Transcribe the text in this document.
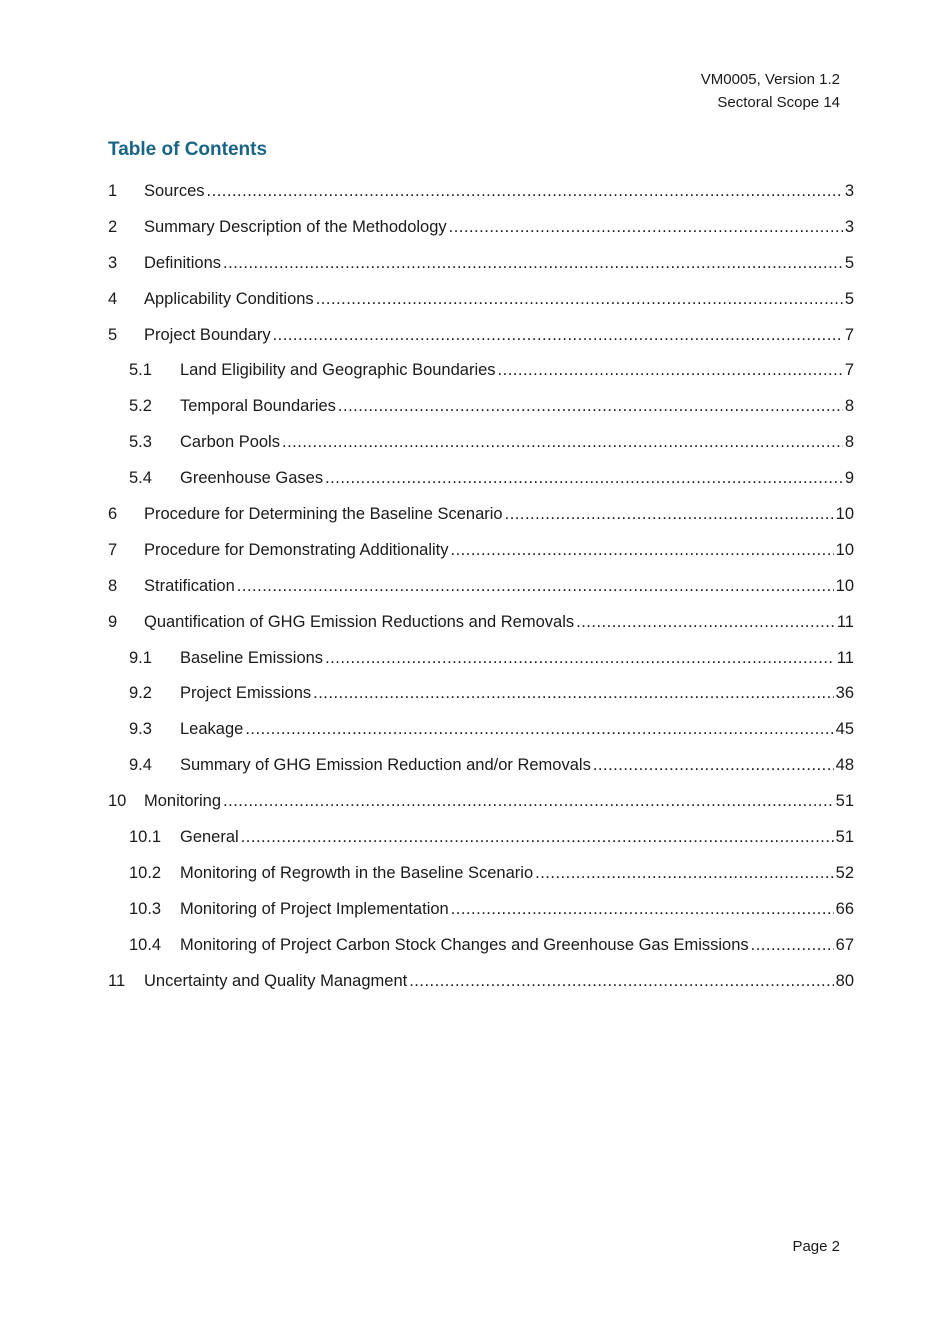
VM0005, Version 1.2
Sectoral Scope 14
Table of Contents
1	Sources .....	3
2	Summary Description of the Methodology .....	3
3	Definitions .....	5
4	Applicability Conditions .....	5
5	Project Boundary .....	7
5.1	Land Eligibility and Geographic Boundaries .....	7
5.2	Temporal Boundaries .....	8
5.3	Carbon Pools .....	8
5.4	Greenhouse Gases .....	9
6	Procedure for Determining the Baseline Scenario .....	10
7	Procedure for Demonstrating Additionality .....	10
8	Stratification .....	10
9	Quantification of GHG Emission Reductions and Removals .....	11
9.1	Baseline Emissions .....	11
9.2	Project Emissions .....	36
9.3	Leakage .....	45
9.4	Summary of GHG Emission Reduction and/or Removals .....	48
10	Monitoring .....	51
10.1	General .....	51
10.2	Monitoring of Regrowth in the Baseline Scenario .....	52
10.3	Monitoring of Project Implementation .....	66
10.4	Monitoring of Project Carbon Stock Changes and Greenhouse Gas Emissions .....	67
11	Uncertainty and Quality Managment .....	80
Page 2
